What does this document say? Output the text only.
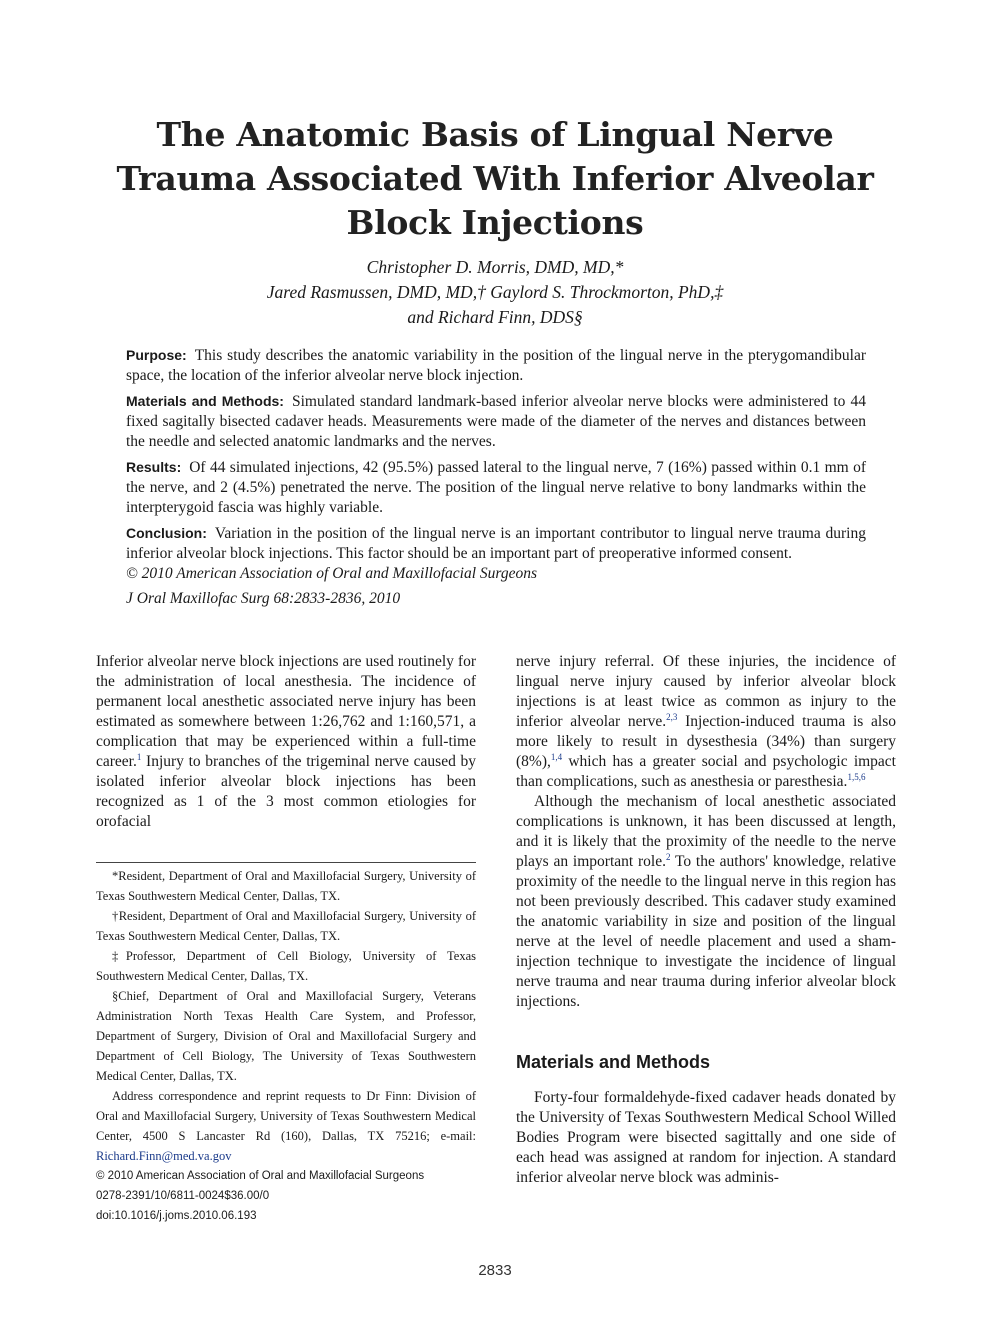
The Anatomic Basis of Lingual Nerve
Trauma Associated With Inferior Alveolar
Block Injections
Christopher D. Morris, DMD, MD,*
Jared Rasmussen, DMD, MD,† Gaylord S. Throckmorton, PhD,‡
and Richard Finn, DDS§

Purpose: This study describes the anatomic variability in the position of the lingual nerve in the pterygomandibular space, the location of the inferior alveolar nerve block injection.

Materials and Methods: Simulated standard landmark-based inferior alveolar nerve blocks were administered to 44 fixed sagitally bisected cadaver heads. Measurements were made of the diameter of the nerves and distances between the needle and selected anatomic landmarks and the nerves.

Results: Of 44 simulated injections, 42 (95.5%) passed lateral to the lingual nerve, 7 (16%) passed within 0.1 mm of the nerve, and 2 (4.5%) penetrated the nerve. The position of the lingual nerve relative to bony landmarks within the interpterygoid fascia was highly variable.

Conclusion: Variation in the position of the lingual nerve is an important contributor to lingual nerve trauma during inferior alveolar block injections. This factor should be an important part of preoperative informed consent.

© 2010 American Association of Oral and Maxillofacial Surgeons

J Oral Maxillofac Surg 68:2833-2836, 2010

Inferior alveolar nerve block injections are used routinely for the administration of local anesthesia. The incidence of permanent local anesthetic associated nerve injury has been estimated as somewhere between 1:26,762 and 1:160,571, a complication that may be experienced within a full-time career.$^1$ Injury to branches of the trigeminal nerve caused by isolated inferior alveolar block injections has been recognized as 1 of the 3 most common etiologies for orofacial

*Resident, Department of Oral and Maxillofacial Surgery, University of Texas Southwestern Medical Center, Dallas, TX.

†Resident, Department of Oral and Maxillofacial Surgery, University of Texas Southwestern Medical Center, Dallas, TX.

‡Professor, Department of Cell Biology, University of Texas Southwestern Medical Center, Dallas, TX.

§Chief, Department of Oral and Maxillofacial Surgery, Veterans Administration North Texas Health Care System, and Professor, Department of Surgery, Division of Oral and Maxillofacial Surgery and Department of Cell Biology, The University of Texas Southwestern Medical Center, Dallas, TX.

Address correspondence and reprint requests to Dr Finn: Division of Oral and Maxillofacial Surgery, University of Texas Southwestern Medical Center, 4500 S Lancaster Rd (160), Dallas, TX 75216; e-mail: Richard.Finn@med.va.gov

© 2010 American Association of Oral and Maxillofacial Surgeons

0278-2391/10/6811-0024$36.00/0

doi:10.1016/j.joms.2010.06.193

nerve injury referral. Of these injuries, the incidence of lingual nerve injury caused by inferior alveolar block injections is at least twice as common as injury to the inferior alveolar nerve.$^{2,3}$ Injection-induced trauma is also more likely to result in dysesthesia (34%) than surgery (8%),$^{1,4}$ which has a greater social and psychologic impact than complications, such as anesthesia or paresthesia.$^{1,5,6}$

Although the mechanism of local anesthetic associated complications is unknown, it has been discussed at length, and it is likely that the proximity of the needle to the nerve plays an important role.$^2$ To the authors' knowledge, relative proximity of the needle to the lingual nerve in this region has not been previously described. This cadaver study examined the anatomic variability in size and position of the lingual nerve at the level of needle placement and used a sham-injection technique to investigate the incidence of lingual nerve trauma and near trauma during inferior alveolar block injections.

Materials and Methods

Forty-four formaldehyde-fixed cadaver heads donated by the University of Texas Southwestern Medical School Willed Bodies Program were bisected sagittally and one side of each head was assigned at random for injection. A standard inferior alveolar nerve block was adminis-

2833
